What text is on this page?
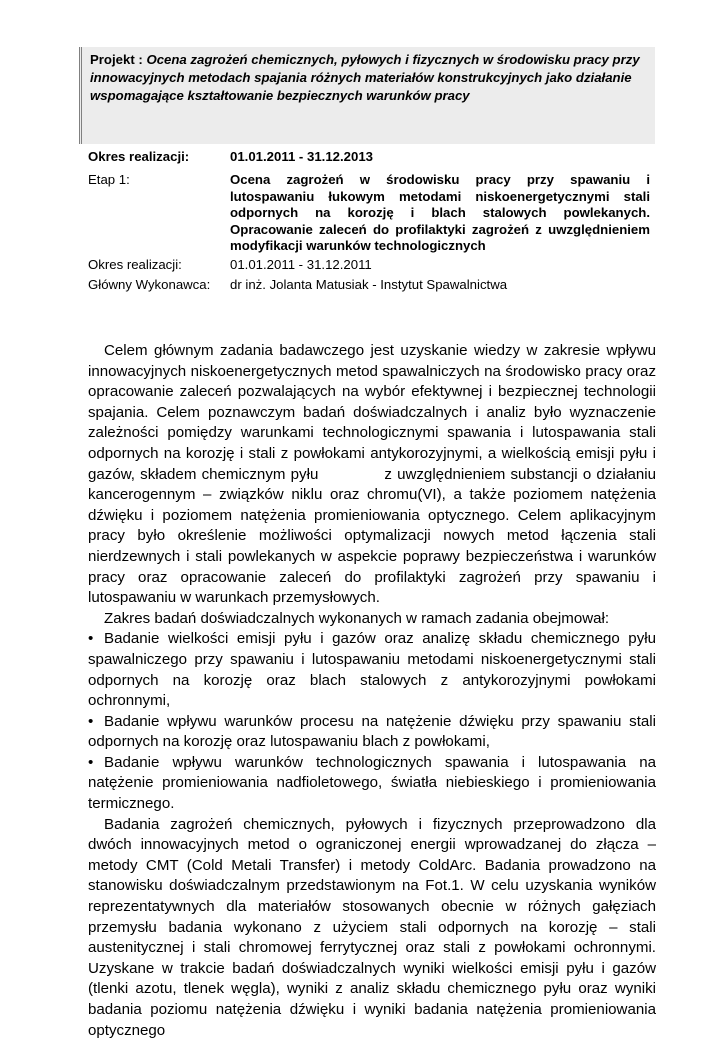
Projekt : Ocena zagrożeń chemicznych, pyłowych i fizycznych w środowisku pracy przy innowacyjnych metodach spajania różnych materiałów konstrukcyjnych jako działanie wspomagające kształtowanie bezpiecznych warunków pracy
Okres realizacji:	01.01.2011 - 31.12.2013
Etap 1:	Ocena zagrożeń w środowisku pracy przy spawaniu i lutospawaniu łukowym metodami niskoenergetycznymi stali odpornych na korozję i blach stalowych powlekanych. Opracowanie zaleceń do profilaktyki zagrożeń z uwzględnieniem modyfikacji warunków technologicznych
Okres realizacji:	01.01.2011 - 31.12.2011
Główny Wykonawca: dr inż. Jolanta Matusiak - Instytut Spawalnictwa

Celem głównym zadania badawczego jest uzyskanie wiedzy w zakresie wpływu innowacyjnych niskoenergetycznych metod spawalniczych na środowisko pracy oraz opracowanie zaleceń pozwalających na wybór efektywnej i bezpiecznej technologii spajania. Celem poznawczym badań doświadczalnych i analiz było wyznaczenie zależności pomiędzy warunkami technologicznymi spawania i lutospawania stali odpornych na korozję i stali z powłokami antykorozyjnymi, a wielkością emisji pyłu i gazów, składem chemicznym pyłu	z uwzględnieniem substancji o działaniu kancerogennym – związków niklu oraz chromu(VI), a także poziomem natężenia dźwięku i poziomem natężenia promieniowania optycznego. Celem aplikacyjnym pracy było określenie możliwości optymalizacji nowych metod łączenia stali nierdzewnych i stali powlekanych w aspekcie poprawy bezpieczeństwa i warunków pracy oraz opracowanie zaleceń do profilaktyki zagrożeń przy spawaniu i lutospawaniu w warunkach przemysłowych.

Zakres badań doświadczalnych wykonanych w ramach zadania obejmował:

• Badanie wielkości emisji pyłu i gazów oraz analizę składu chemicznego pyłu spawalniczego przy spawaniu i lutospawaniu metodami niskoenergetycznymi stali odpornych na korozję oraz blach stalowych z antykorozyjnymi powłokami ochronnymi,
• Badanie wpływu warunków procesu na natężenie dźwięku przy spawaniu stali odpornych na korozję oraz lutospawaniu blach z powłokami,
• Badanie wpływu warunków technologicznych spawania i lutospawania na natężenie promieniowania nadfioletowego, światła niebieskiego i promieniowania termicznego.

Badania zagrożeń chemicznych, pyłowych i fizycznych przeprowadzono dla dwóch innowacyjnych metod o ograniczonej energii wprowadzanej do złącza – metody CMT (Cold Metali Transfer) i metody ColdArc. Badania prowadzono na stanowisku doświadczalnym przedstawionym na Fot.1. W celu uzyskania wyników reprezentatywnych dla materiałów stosowanych obecnie w różnych gałęziach przemysłu badania wykonano z użyciem stali odpornych na korozję – stali austenitycznej i stali chromowej ferrytycznej oraz stali z powłokami ochronnymi. Uzyskane w trakcie badań doświadczalnych wyniki wielkości emisji pyłu i gazów (tlenki azotu, tlenek węgla), wyniki z analiz składu chemicznego pyłu oraz wyniki badania poziomu natężenia dźwięku i wyniki badania natężenia promieniowania optycznego
